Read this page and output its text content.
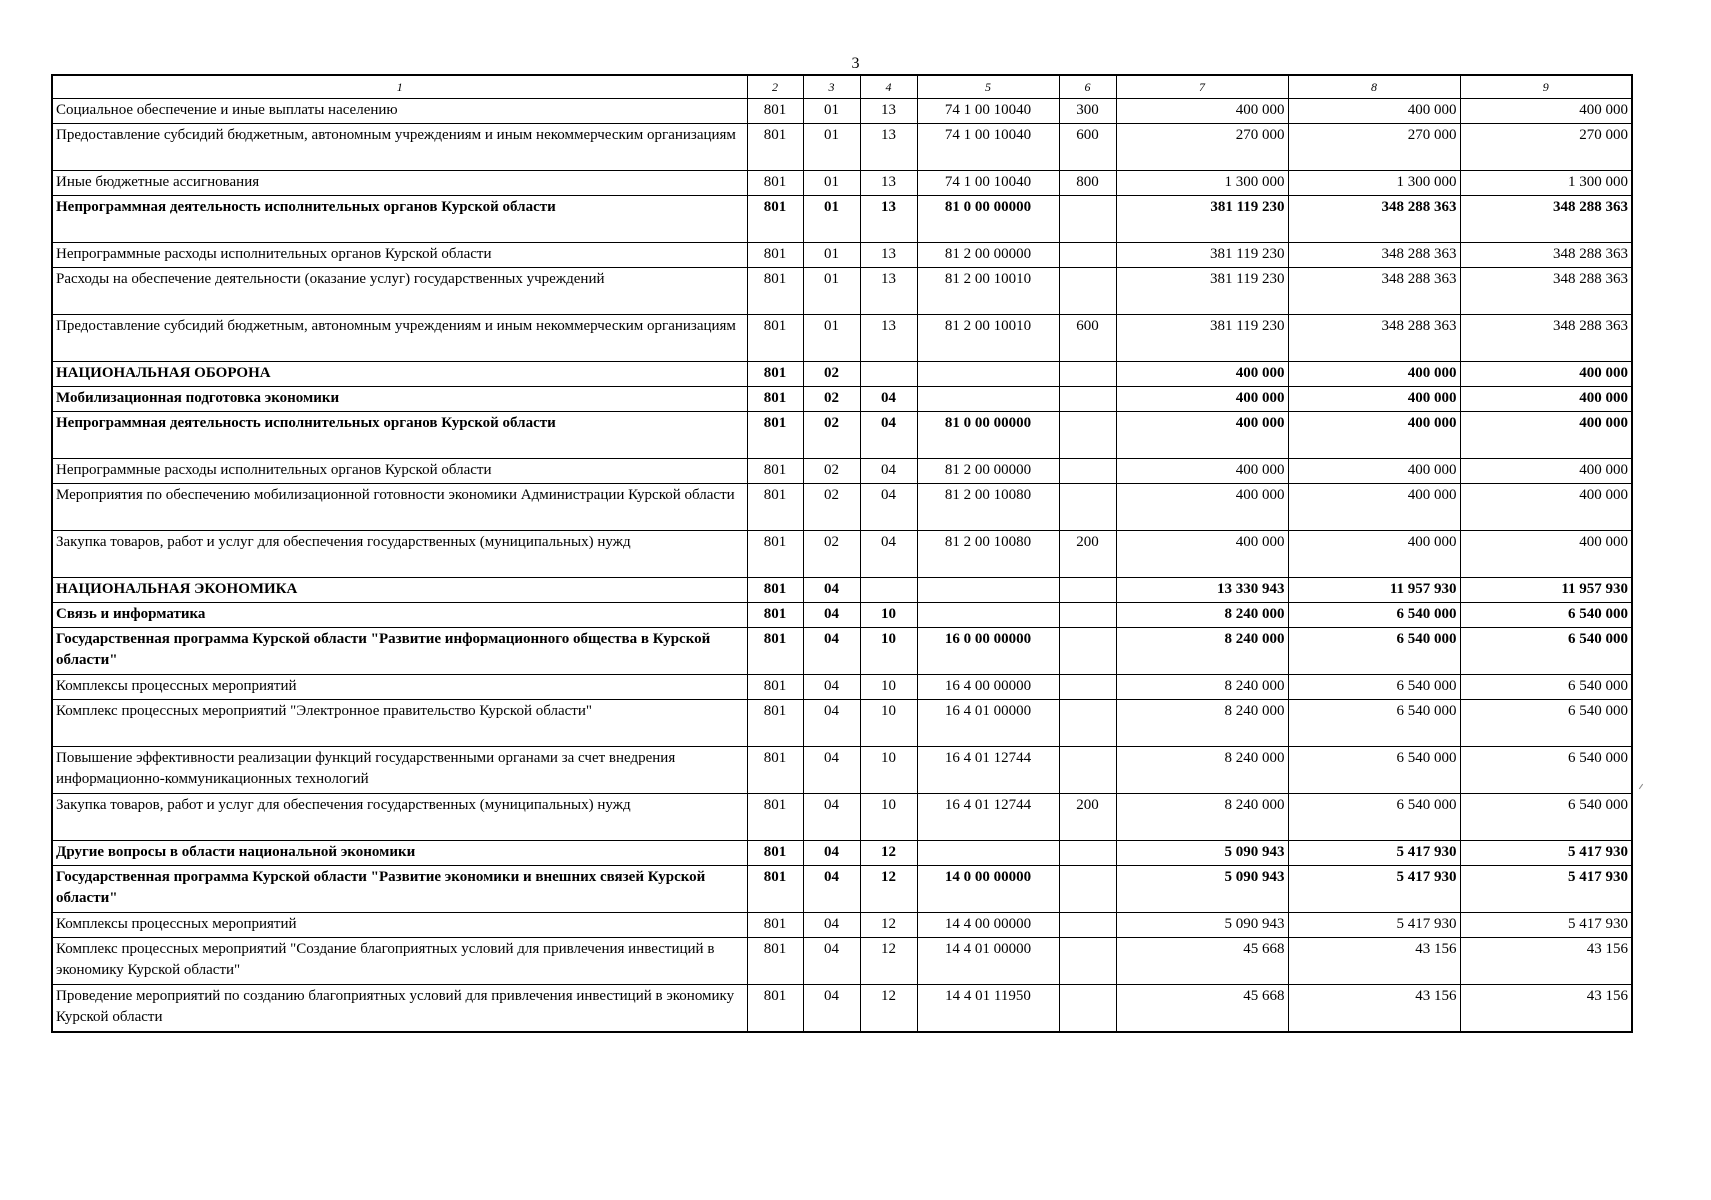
3
1	2	3	4	5	6	7	8	9
Социальное обеспечение и иные выплаты населению	801	01	13	74 1 00 10040	300	400 000	400 000	400 000
Предоставление субсидий бюджетным, автономным учреждениям и иным некоммерческим организациям	801	01	13	74 1 00 10040	600	270 000	270 000	270 000
Иные бюджетные ассигнования	801	01	13	74 1 00 10040	800	1 300 000	1 300 000	1 300 000
Непрограммная деятельность исполнительных органов Курской области	801	01	13	81 0 00 00000		381 119 230	348 288 363	348 288 363
Непрограммные расходы исполнительных органов Курской области	801	01	13	81 2 00 00000		381 119 230	348 288 363	348 288 363
Расходы на обеспечение деятельности (оказание услуг) государственных учреждений	801	01	13	81 2 00 10010		381 119 230	348 288 363	348 288 363
Предоставление субсидий бюджетным, автономным учреждениям и иным некоммерческим организациям	801	01	13	81 2 00 10010	600	381 119 230	348 288 363	348 288 363
НАЦИОНАЛЬНАЯ ОБОРОНА	801	02				400 000	400 000	400 000
Мобилизационная подготовка экономики	801	02	04			400 000	400 000	400 000
Непрограммная деятельность исполнительных органов Курской области	801	02	04	81 0 00 00000		400 000	400 000	400 000
Непрограммные расходы исполнительных органов Курской области	801	02	04	81 2 00 00000		400 000	400 000	400 000
Мероприятия по обеспечению мобилизационной готовности экономики Администрации Курской области	801	02	04	81 2 00 10080		400 000	400 000	400 000
Закупка товаров, работ и услуг для обеспечения государственных (муниципальных) нужд	801	02	04	81 2 00 10080	200	400 000	400 000	400 000
НАЦИОНАЛЬНАЯ ЭКОНОМИКА	801	04				13 330 943	11 957 930	11 957 930
Связь и информатика	801	04	10			8 240 000	6 540 000	6 540 000
Государственная программа Курской области "Развитие информационного общества в Курской области"	801	04	10	16 0 00 00000		8 240 000	6 540 000	6 540 000
Комплексы процессных мероприятий	801	04	10	16 4 00 00000		8 240 000	6 540 000	6 540 000
Комплекс процессных мероприятий "Электронное правительство Курской области"	801	04	10	16 4 01 00000		8 240 000	6 540 000	6 540 000
Повышение эффективности реализации функций государственными органами за счет внедрения информационно-коммуникационных технологий	801	04	10	16 4 01 12744		8 240 000	6 540 000	6 540 000
Закупка товаров, работ и услуг для обеспечения государственных (муниципальных) нужд	801	04	10	16 4 01 12744	200	8 240 000	6 540 000	6 540 000
Другие вопросы в области национальной экономики	801	04	12			5 090 943	5 417 930	5 417 930
Государственная программа Курской области "Развитие экономики и внешних связей Курской области"	801	04	12	14 0 00 00000		5 090 943	5 417 930	5 417 930
Комплексы процессных мероприятий	801	04	12	14 4 00 00000		5 090 943	5 417 930	5 417 930
Комплекс процессных мероприятий "Создание благоприятных условий для привлечения инвестиций в экономику Курской области"	801	04	12	14 4 01 00000		45 668	43 156	43 156
Проведение мероприятий по созданию благоприятных условий для привлечения инвестиций в экономику Курской области	801	04	12	14 4 01 11950		45 668	43 156	43 156
